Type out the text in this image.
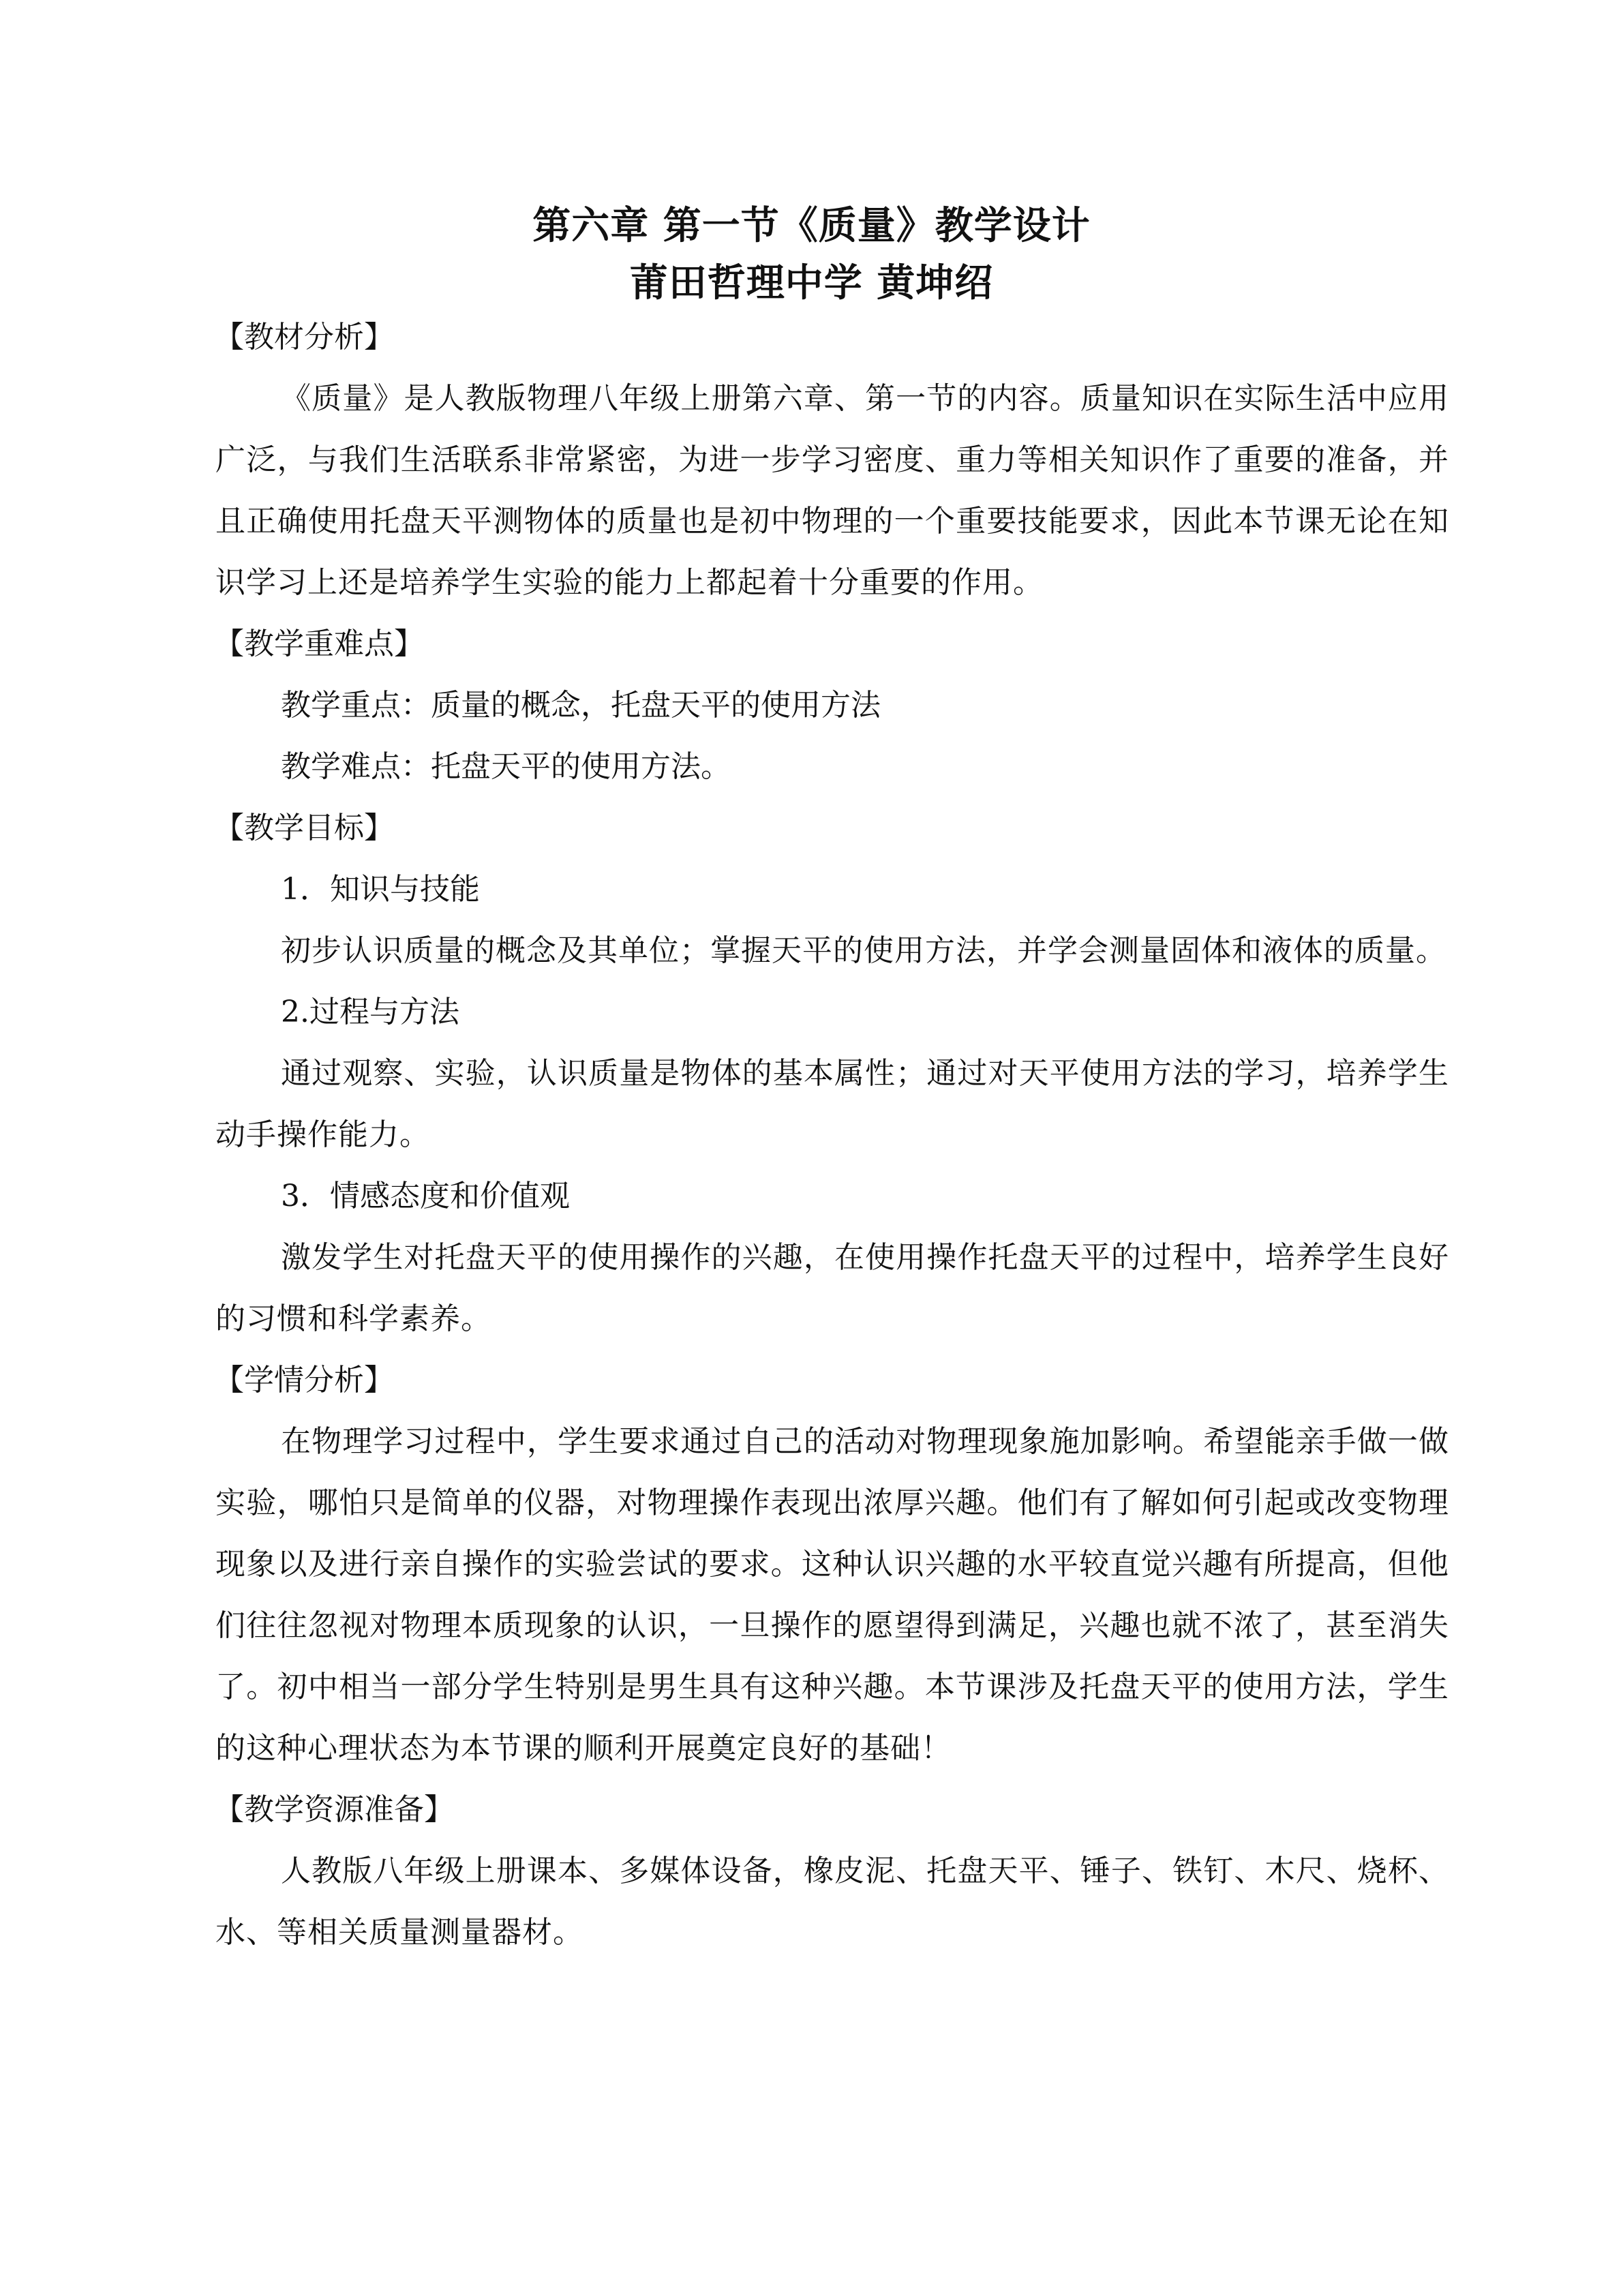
第六章 第一节《质量》教学设计
莆田哲理中学 黄坤绍
【教材分析】
《质量》是人教版物理八年级上册第六章、第一节的内容。质量知识在实际生活中应用广泛，与我们生活联系非常紧密，为进一步学习密度、重力等相关知识作了重要的准备，并且正确使用托盘天平测物体的质量也是初中物理的一个重要技能要求，因此本节课无论在知识学习上还是培养学生实验的能力上都起着十分重要的作用。
【教学重难点】
教学重点：质量的概念，托盘天平的使用方法
教学难点：托盘天平的使用方法。
【教学目标】
1．知识与技能
初步认识质量的概念及其单位；掌握天平的使用方法，并学会测量固体和液体的质量。
2.过程与方法
通过观察、实验，认识质量是物体的基本属性；通过对天平使用方法的学习，培养学生动手操作能力。
3．情感态度和价值观
激发学生对托盘天平的使用操作的兴趣，在使用操作托盘天平的过程中，培养学生良好的习惯和科学素养。
【学情分析】
在物理学习过程中，学生要求通过自己的活动对物理现象施加影响。希望能亲手做一做实验，哪怕只是简单的仪器，对物理操作表现出浓厚兴趣。他们有了解如何引起或改变物理现象以及进行亲自操作的实验尝试的要求。这种认识兴趣的水平较直觉兴趣有所提高，但他们往往忽视对物理本质现象的认识，一旦操作的愿望得到满足，兴趣也就不浓了，甚至消失了。初中相当一部分学生特别是男生具有这种兴趣。本节课涉及托盘天平的使用方法，学生的这种心理状态为本节课的顺利开展奠定良好的基础！
【教学资源准备】
人教版八年级上册课本、多媒体设备，橡皮泥、托盘天平、锤子、铁钉、木尺、烧杯、水、等相关质量测量器材。
